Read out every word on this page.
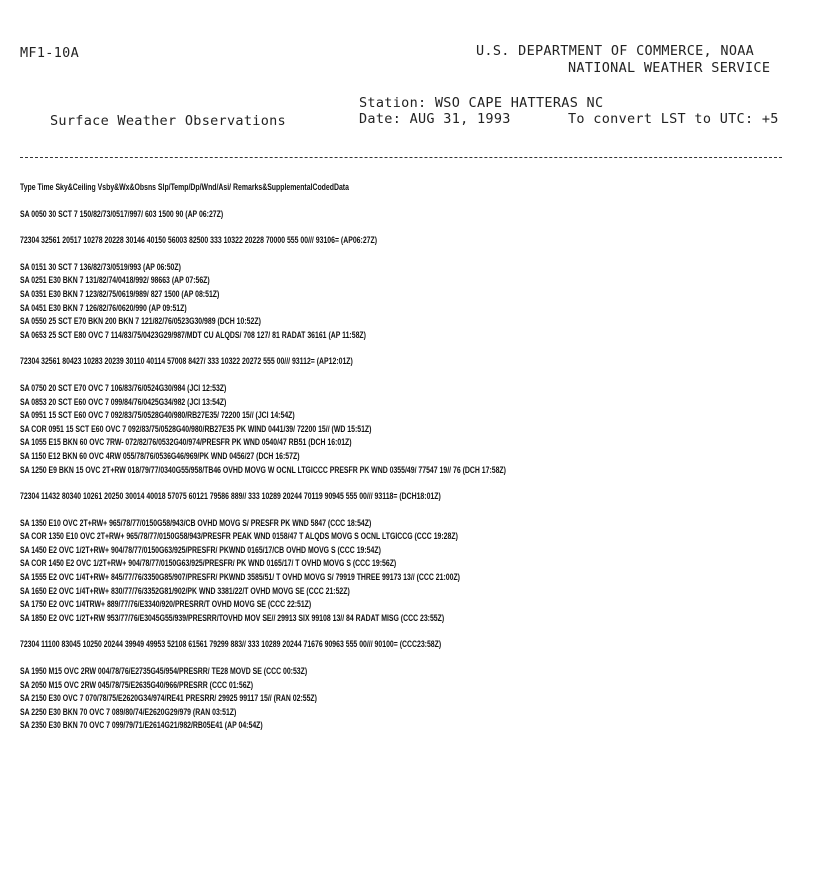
MF1-10A	U.S. DEPARTMENT OF COMMERCE, NOAA
NATIONAL WEATHER SERVICE
Station: WSO CAPE HATTERAS NC
Surface Weather Observations	Date: AUG 31, 1993	To convert LST to UTC: +5
Type Time Sky&Ceiling Vsby&Wx&Obsns Slp/Temp/Dp/Wnd/Asi/ Remarks&SupplementalCodedData
SA 0050 30 SCT 7 150/82/73/0517/997/ 603 1500 90 (AP 06:27Z)
72304 32561 20517 10278 20228 30146 40150 56003 82500 333 10322 20228 70000 555 00/// 93106= (AP06:27Z)
SA 0151 30 SCT 7 136/82/73/0519/993 (AP 06:50Z)
SA 0251 E30 BKN 7 131/82/74/0418/992/ 98663 (AP 07:56Z)
SA 0351 E30 BKN 7 123/82/75/0619/989/ 827 1500 (AP 08:51Z)
SA 0451 E30 BKN 7 126/82/76/0620/990 (AP 09:51Z)
SA 0550 25 SCT E70 BKN 200 BKN 7 121/82/76/0523G30/989 (DCH 10:52Z)
SA 0653 25 SCT E80 OVC 7 114/83/75/0423G29/987/MDT CU ALQDS/ 708 127/ 81 RADAT 36161 (AP 11:58Z)
72304 32561 80423 10283 20239 30110 40114 57008 8427/ 333 10322 20272 555 00/// 93112= (AP12:01Z)
SA 0750 20 SCT E70 OVC 7 106/83/76/0524G30/984 (JCI 12:53Z)
SA 0853 20 SCT E60 OVC 7 099/84/76/0425G34/982 (JCI 13:54Z)
SA 0951 15 SCT E60 OVC 7 092/83/75/0528G40/980/RB27E35/ 72200 15// (JCI 14:54Z)
SA COR 0951 15 SCT E60 OVC 7 092/83/75/0528G40/980/RB27E35 PK WIND 0441/39/ 72200 15// (WD 15:51Z)
SA 1055 E15 BKN 60 OVC 7RW- 072/82/76/0532G40/974/PRESFR PK WND 0540/47 RB51 (DCH 16:01Z)
SA 1150 E12 BKN 60 OVC 4RW 055/78/76/0536G46/969/PK WND 0456/27 (DCH 16:57Z)
SA 1250 E9 BKN 15 OVC 2T+RW 018/79/77/0340G55/958/TB46 OVHD MOVG W OCNL LTGICCC PRESFR PK WND 0355/49/ 77547 19// 76 (DCH 17:58Z)
72304 11432 80340 10261 20250 30014 40018 57075 60121 79586 889// 333 10289 20244 70119 90945 555 00/// 93118= (DCH18:01Z)
SA 1350 E10 OVC 2T+RW+ 965/78/77/0150G58/943/CB OVHD MOVG S/ PRESFR PK WND 5847 (CCC 18:54Z)
SA COR 1350 E10 OVC 2T+RW+ 965/78/77/0150G58/943/PRESFR PEAK WND 0158/47 T ALQDS MOVG S OCNL LTGICCG (CCC 19:28Z)
SA 1450 E2 OVC 1/2T+RW+ 904/78/77/0150G63/925/PRESFR/ PKWND 0165/17/CB OVHD MOVG S (CCC 19:54Z)
SA COR 1450 E2 OVC 1/2T+RW+ 904/78/77/0150G63/925/PRESFR/ PK WND 0165/17/ T OVHD MOVG S (CCC 19:56Z)
SA 1555 E2 OVC 1/4T+RW+ 845/77/76/3350G85/907/PRESFR/ PKWND 3585/51/ T OVHD MOVG S/ 79919 THREE 99173 13// (CCC 21:00Z)
SA 1650 E2 OVC 1/4T+RW+ 830/77/76/3352G81/902/PK WND 3381/22/T OVHD MOVG SE (CCC 21:52Z)
SA 1750 E2 OVC 1/4TRW+ 889/77/76/E3340/920/PRESRR/T OVHD MOVG SE (CCC 22:51Z)
SA 1850 E2 OVC 1/2T+RW 953/77/76/E3045G55/939/PRESRR/TOVHD MOV SE// 29913 SIX 99108 13// 84 RADAT MISG (CCC 23:55Z)
72304 11100 83045 10250 20244 39949 49953 52108 61561 79299 883// 333 10289 20244 71676 90963 555 00/// 90100= (CCC23:58Z)
SA 1950 M15 OVC 2RW 004/78/76/E2735G45/954/PRESRR/ TE28 MOVD SE (CCC 00:53Z)
SA 2050 M15 OVC 2RW 045/78/75/E2635G40/966/PRESRR (CCC 01:56Z)
SA 2150 E30 OVC 7 070/78/75/E2620G34/974/RE41 PRESRR/ 29925 99117 15// (RAN 02:55Z)
SA 2250 E30 BKN 70 OVC 7 089/80/74/E2620G29/979 (RAN 03:51Z)
SA 2350 E30 BKN 70 OVC 7 099/79/71/E2614G21/982/RB05E41 (AP 04:54Z)
